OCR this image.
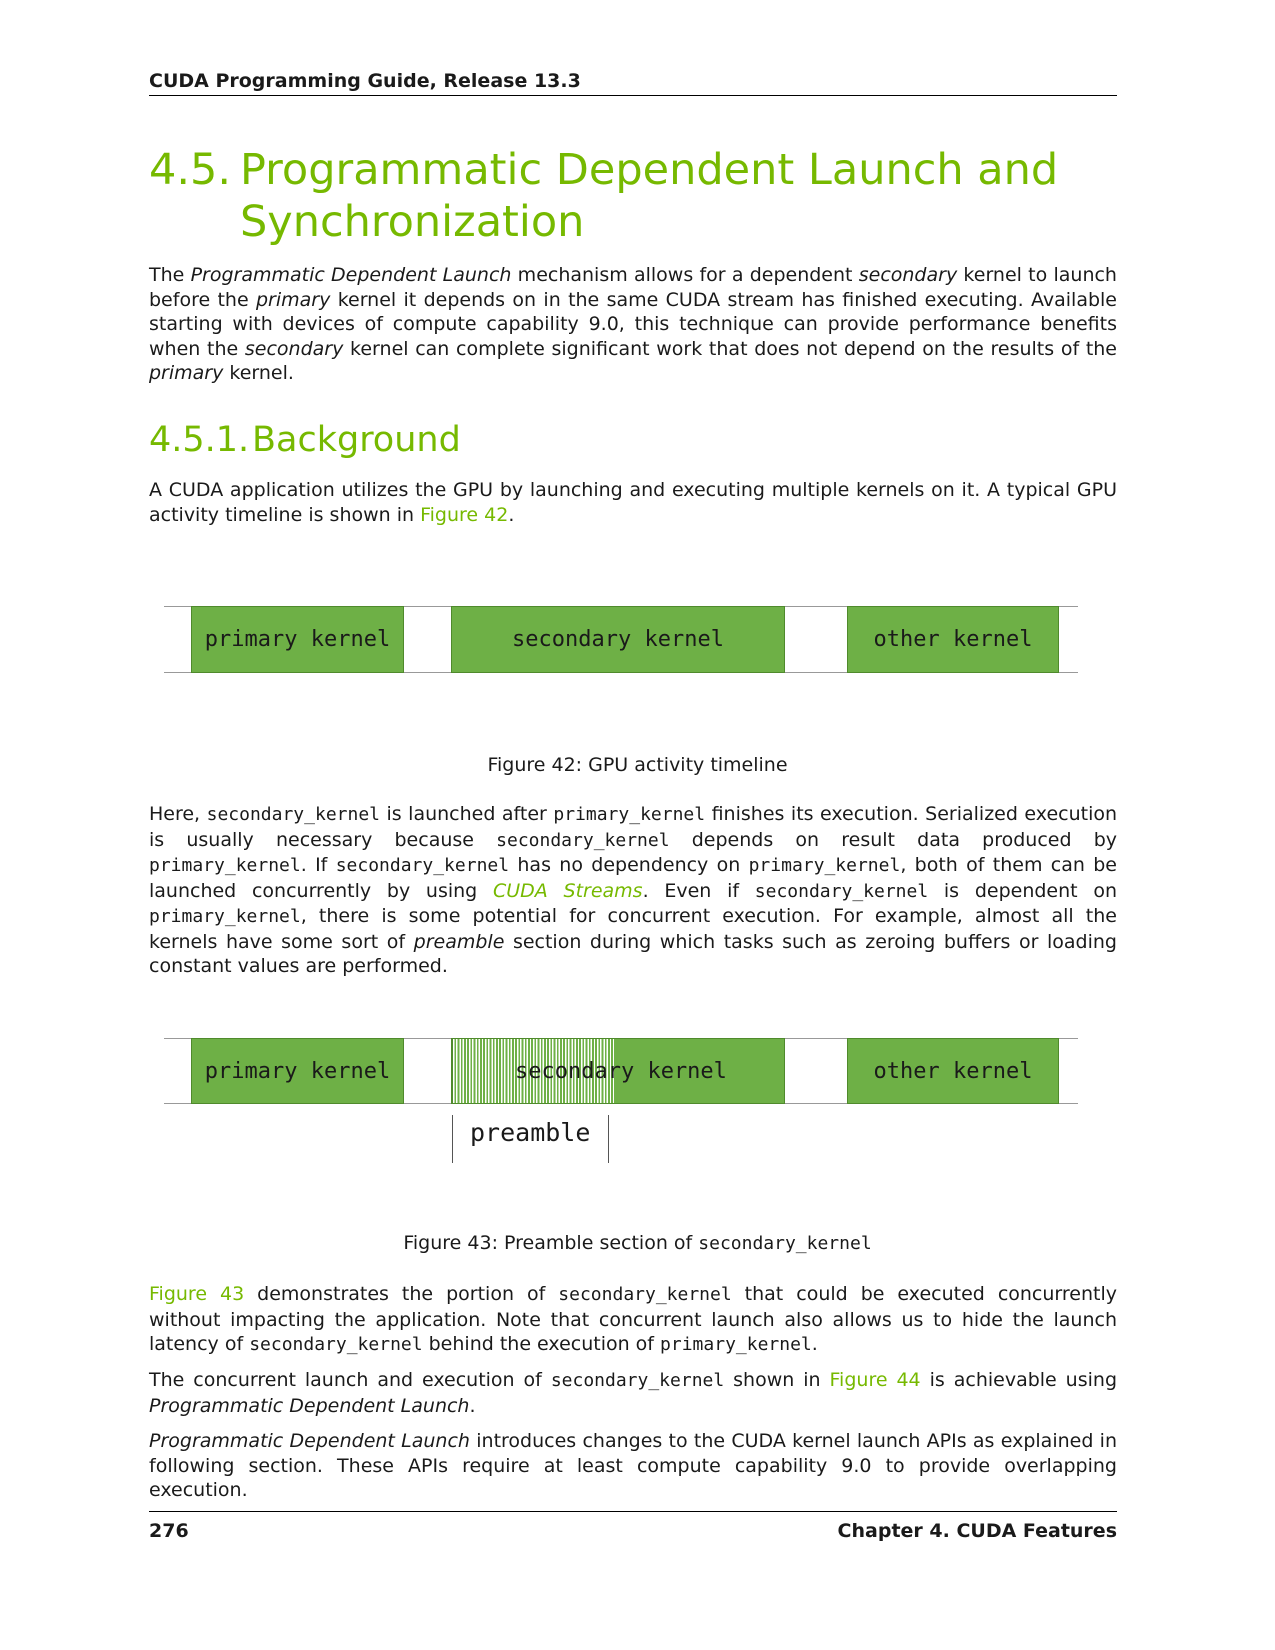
CUDA Programming Guide, Release 13.3
4.5. Programmatic Dependent Launch and
Synchronization

The Programmatic Dependent Launch mechanism allows for a dependent secondary kernel to launch before the primary kernel it depends on in the same CUDA stream has finished executing. Available starting with devices of compute capability 9.0, this technique can provide performance benefits when the secondary kernel can complete significant work that does not depend on the results of the primary kernel.

4.5.1. Background

A CUDA application utilizes the GPU by launching and executing multiple kernels on it. A typical GPU activity timeline is shown in Figure 42.

primary kernel	secondary kernel	other kernel
Figure 42: GPU activity timeline

Here, secondary_kernel is launched after primary_kernel finishes its execution. Serialized execution is usually necessary because secondary_kernel depends on result data produced by primary_kernel. If secondary_kernel has no dependency on primary_kernel, both of them can be launched concurrently by using CUDA Streams. Even if secondary_kernel is dependent on primary_kernel, there is some potential for concurrent execution. For example, almost all the kernels have some sort of preamble section during which tasks such as zeroing buffers or loading constant values are performed.

primary kernel	secondary kernel	other kernel
preamble
Figure 43: Preamble section of secondary_kernel

Figure 43 demonstrates the portion of secondary_kernel that could be executed concurrently without impacting the application. Note that concurrent launch also allows us to hide the launch latency of secondary_kernel behind the execution of primary_kernel.

The concurrent launch and execution of secondary_kernel shown in Figure 44 is achievable using Programmatic Dependent Launch.

Programmatic Dependent Launch introduces changes to the CUDA kernel launch APIs as explained in following section. These APIs require at least compute capability 9.0 to provide overlapping execution.

276	Chapter 4. CUDA Features
